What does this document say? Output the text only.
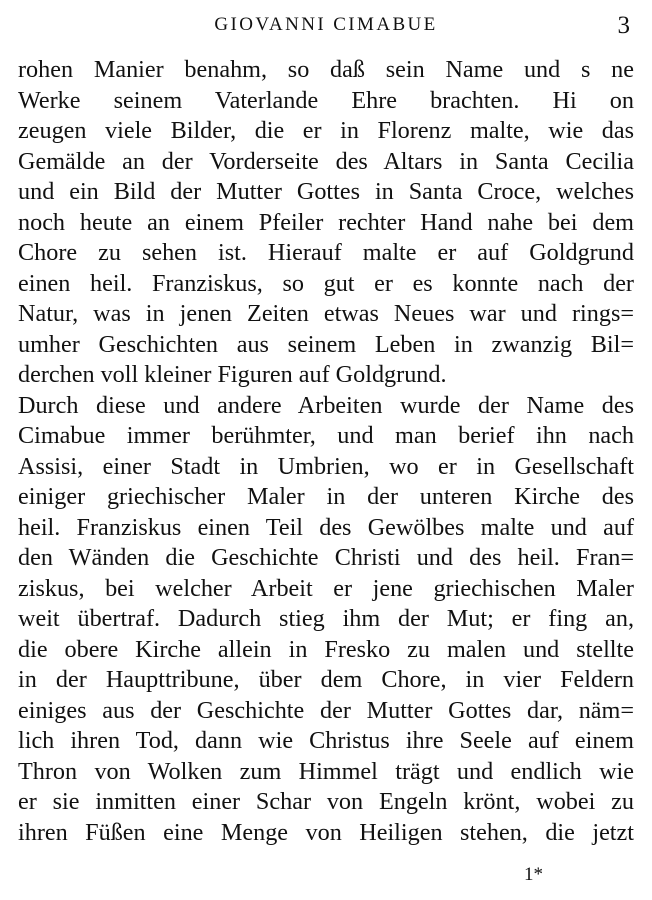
GIOVANNI CIMABUE	3
rohen Manier benahm, so daß sein Name und s ne
Werke seinem Vaterlande Ehre brachten. Hi on
zeugen viele Bilder, die er in Florenz malte, wie das
Gemälde an der Vorderseite des Altars in Santa Cecilia
und ein Bild der Mutter Gottes in Santa Croce, welches
noch heute an einem Pfeiler rechter Hand nahe bei dem
Chore zu sehen ist. Hierauf malte er auf Goldgrund
einen heil. Franziskus, so gut er es konnte nach der
Natur, was in jenen Zeiten etwas Neues war und rings=
umher Geschichten aus seinem Leben in zwanzig Bil=
derchen voll kleiner Figuren auf Goldgrund.
Durch diese und andere Arbeiten wurde der Name des
Cimabue immer berühmter, und man berief ihn nach
Assisi, einer Stadt in Umbrien, wo er in Gesellschaft
einiger griechischer Maler in der unteren Kirche des
heil. Franziskus einen Teil des Gewölbes malte und auf
den Wänden die Geschichte Christi und des heil. Fran=
ziskus, bei welcher Arbeit er jene griechischen Maler
weit übertraf. Dadurch stieg ihm der Mut; er fing an,
die obere Kirche allein in Fresko zu malen und stellte
in der Haupttribune, über dem Chore, in vier Feldern
einiges aus der Geschichte der Mutter Gottes dar, näm=
lich ihren Tod, dann wie Christus ihre Seele auf einem
Thron von Wolken zum Himmel trägt und endlich wie
er sie inmitten einer Schar von Engeln krönt, wobei zu
ihren Füßen eine Menge von Heiligen stehen, die jetzt
1*
